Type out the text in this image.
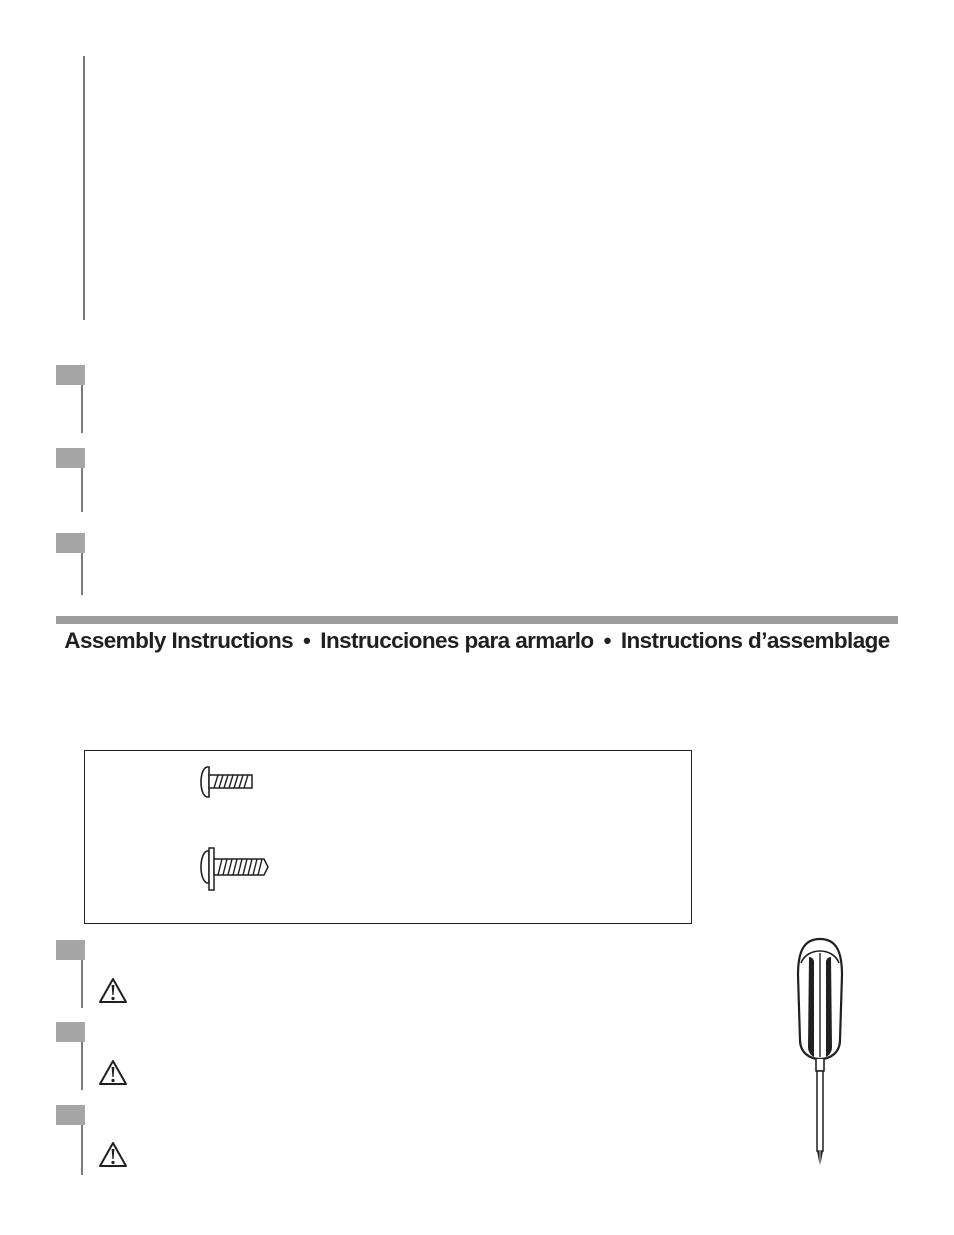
Assembly Instructions • Instrucciones para armarlo • Instructions d’assemblage
